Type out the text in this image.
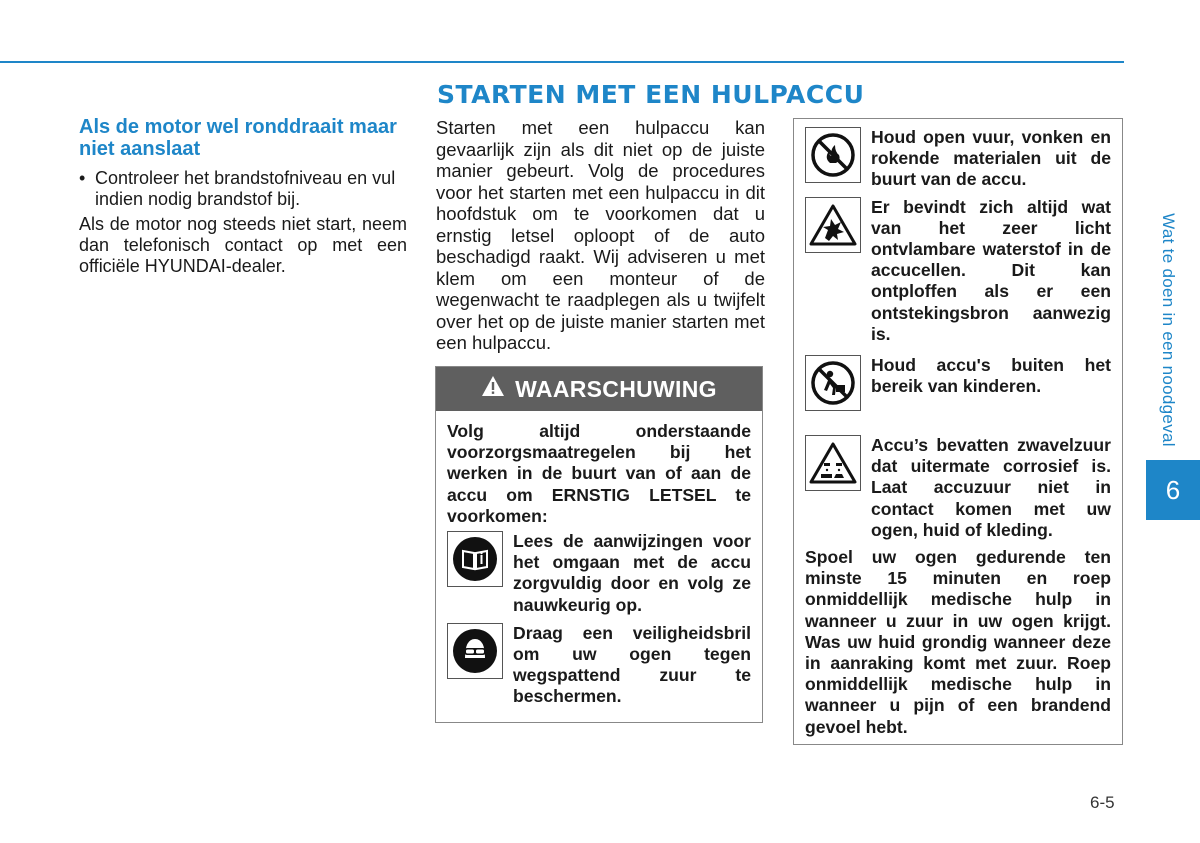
STARTEN MET EEN HULPACCU
Als de motor wel ronddraait maar niet aanslaat
• Controleer het brandstofniveau en vul indien nodig brandstof bij.

Als de motor nog steeds niet start, neem dan telefonisch contact op met een officiële HYUNDAI-dealer.

Starten met een hulpaccu kan gevaarlijk zijn als dit niet op de juiste manier gebeurt. Volg de procedures voor het starten met een hulpaccu in dit hoofdstuk om te voorkomen dat u ernstig letsel oploopt of de auto beschadigd raakt. Wij adviseren u met klem om een monteur of de wegenwacht te raadplegen als u twijfelt over het op de juiste manier starten met een hulpaccu.

WAARSCHUWING
Volg altijd onderstaande voorzorgsmaatregelen bij het werken in de buurt van of aan de accu om ERNSTIG LETSEL te voorkomen:
Lees de aanwijzingen voor het omgaan met de accu zorgvuldig door en volg ze nauwkeurig op.
Draag een veiligheidsbril om uw ogen tegen wegspattend zuur te beschermen.
Houd open vuur, vonken en rokende materialen uit de buurt van de accu.
Er bevindt zich altijd wat van het zeer licht ontvlambare waterstof in de accucellen. Dit kan ontploffen als er een ontstekingsbron aanwezig is.
Houd accu's buiten het bereik van kinderen.
Accu’s bevatten zwavelzuur dat uitermate corrosief is. Laat accuzuur niet in contact komen met uw ogen, huid of kleding.
Spoel uw ogen gedurende ten minste 15 minuten en roep onmiddellijk medische hulp in wanneer u zuur in uw ogen krijgt. Was uw huid grondig wanneer deze in aanraking komt met zuur. Roep onmiddellijk medische hulp in wanneer u pijn of een brandend gevoel hebt.
Wat te doen in een noodgeval
6
6-5
